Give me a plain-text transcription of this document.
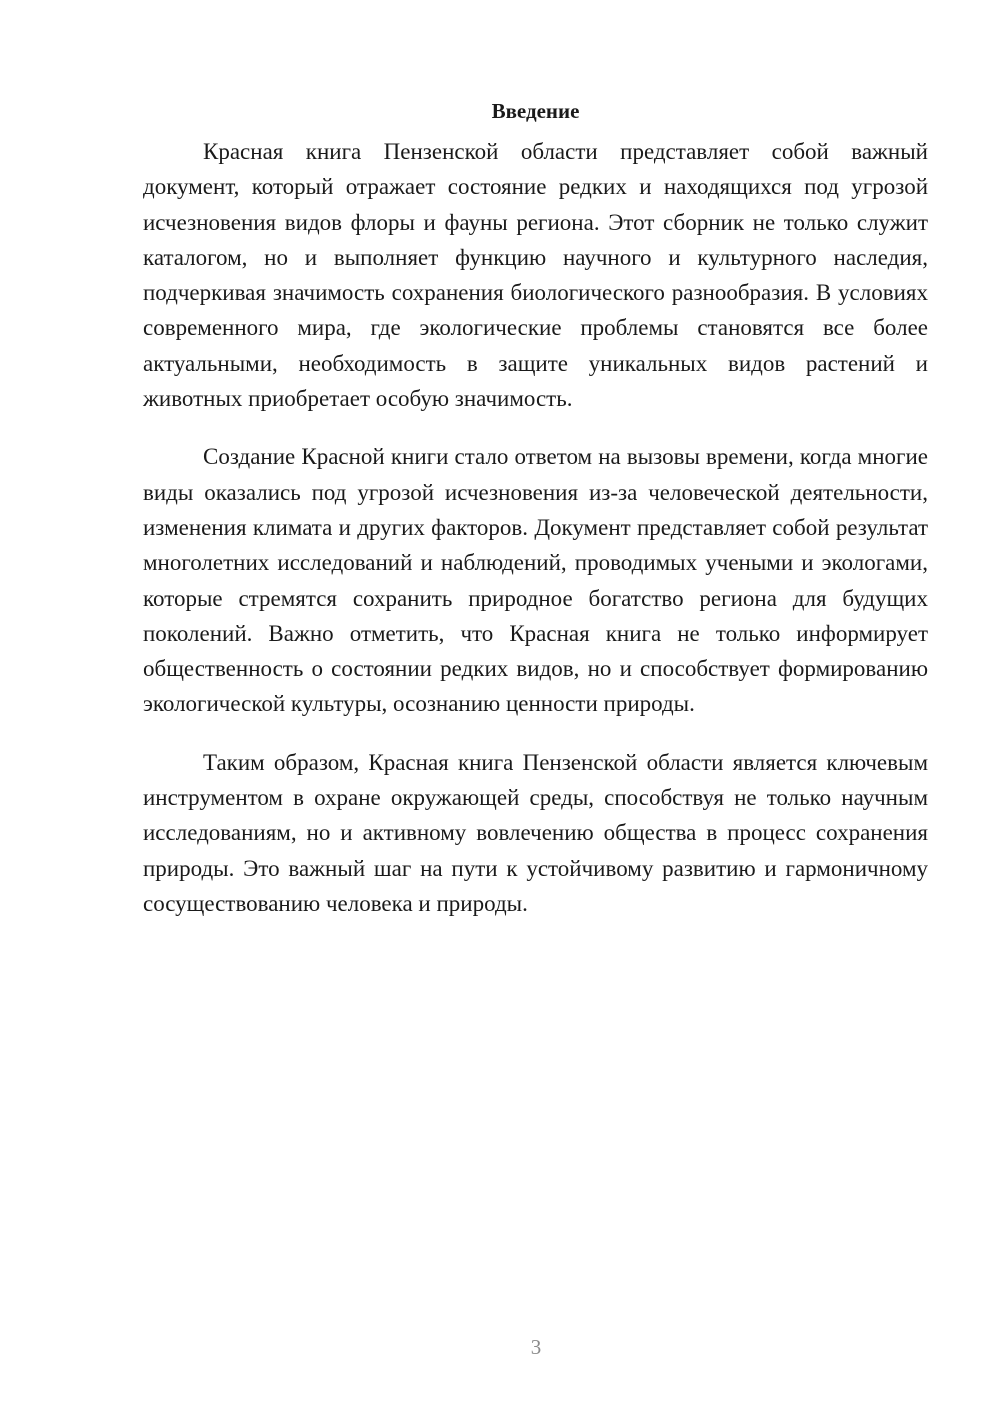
Введение

Красная книга Пензенской области представляет собой важный документ, который отражает состояние редких и находящихся под угрозой исчезновения видов флоры и фауны региона. Этот сборник не только служит каталогом, но и выполняет функцию научного и культурного наследия, подчеркивая значимость сохранения биологического разнообразия. В условиях современного мира, где экологические проблемы становятся все более актуальными, необходимость в защите уникальных видов растений и животных приобретает особую значимость.

Создание Красной книги стало ответом на вызовы времени, когда многие виды оказались под угрозой исчезновения из-за человеческой деятельности, изменения климата и других факторов. Документ представляет собой результат многолетних исследований и наблюдений, проводимых учеными и экологами, которые стремятся сохранить природное богатство региона для будущих поколений. Важно отметить, что Красная книга не только информирует общественность о состоянии редких видов, но и способствует формированию экологической культуры, осознанию ценности природы.

Таким образом, Красная книга Пензенской области является ключевым инструментом в охране окружающей среды, способствуя не только научным исследованиям, но и активному вовлечению общества в процесс сохранения природы. Это важный шаг на пути к устойчивому развитию и гармоничному сосуществованию человека и природы.

3
